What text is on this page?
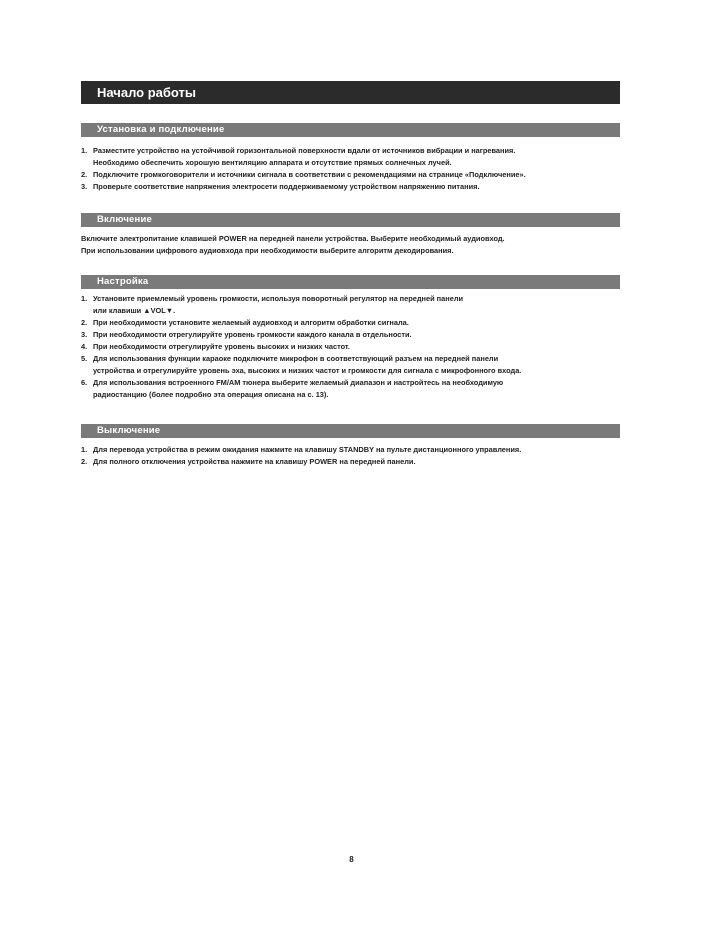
Начало работы
Установка и подключение
1. Разместите устройство на устойчивой горизонтальной поверхности вдали от источников вибрации и нагревания.
Необходимо обеспечить хорошую вентиляцию аппарата и отсутствие прямых солнечных лучей.
2. Подключите громкоговорители и источники сигнала в соответствии с рекомендациями на странице «Подключение».
3. Проверьте соответствие напряжения электросети поддерживаемому устройством напряжению питания.
Включение

Включите электропитание клавишей POWER на передней панели устройства. Выберите необходимый аудиовход.

При использовании цифрового аудиовхода при необходимости выберите алгоритм декодирования.

Настройка
1. Установите приемлемый уровень громкости, используя поворотный регулятор на передней панели
или клавиши ▲VOL▼.
2. При необходимости установите желаемый аудиовход и алгоритм обработки сигнала.
3. При необходимости отрегулируйте уровень громкости каждого канала в отдельности.
4. При необходимости отрегулируйте уровень высоких и низких частот.
5. Для использования функции караоке подключите микрофон в соответствующий разъем на передней панели
устройства и отрегулируйте уровень эха, высоких и низких частот и громкости для сигнала с микрофонного входа.
6. Для использования встроенного FM/AM тюнера выберите желаемый диапазон и настройтесь на необходимую
радиостанцию (более подробно эта операция описана на с. 13).
Выключение
1. Для перевода устройства в режим ожидания нажмите на клавишу STANDBY на пульте дистанционного управления.
2. Для полного отключения устройства нажмите на клавишу POWER на передней панели.
8
